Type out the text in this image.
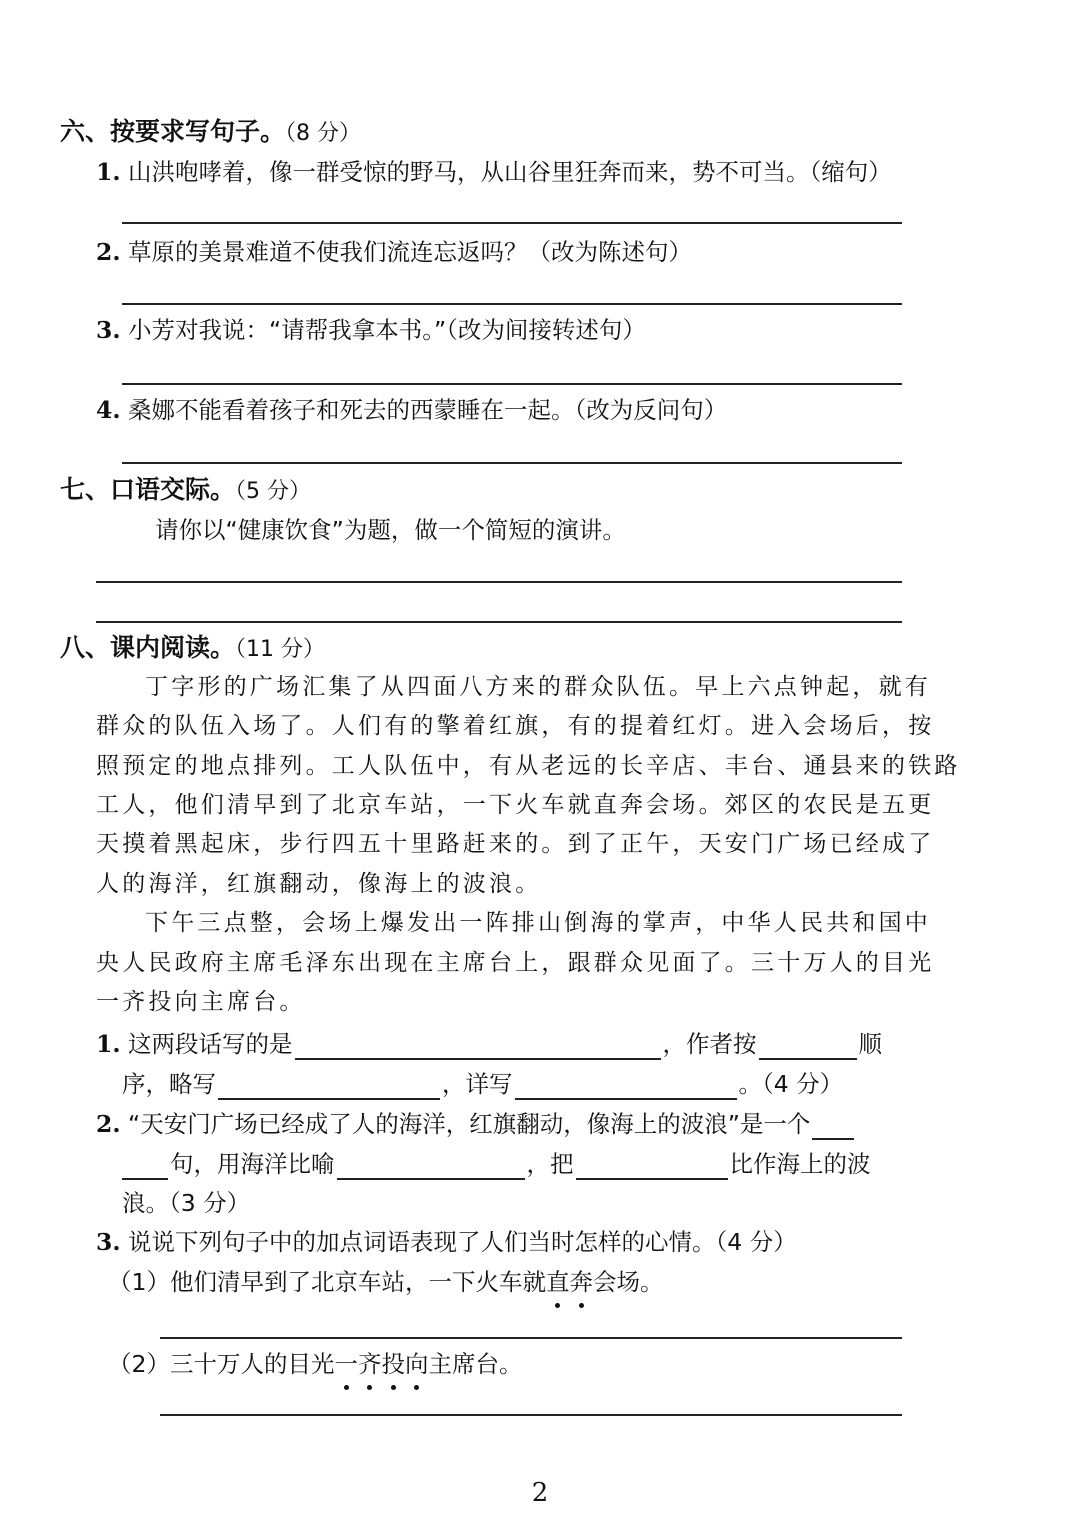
六、按要求写句子。（8 分）
1. 山洪咆哮着，像一群受惊的野马，从山谷里狂奔而来，势不可当。（缩句）
2. 草原的美景难道不使我们流连忘返吗？（改为陈述句）
3. 小芳对我说：“请帮我拿本书。”（改为间接转述句）
4. 桑娜不能看着孩子和死去的西蒙睡在一起。（改为反问句）
七、口语交际。（5 分）
请你以“健康饮食”为题，做一个简短的演讲。
八、课内阅读。（11 分）
丁字形的广场汇集了从四面八方来的群众队伍。早上六点钟起，就有
群众的队伍入场了。人们有的擎着红旗，有的提着红灯。进入会场后，按
照预定的地点排列。工人队伍中，有从老远的长辛店、丰台、通县来的铁路
工人，他们清早到了北京车站，一下火车就直奔会场。郊区的农民是五更
天摸着黑起床，步行四五十里路赶来的。到了正午，天安门广场已经成了
人的海洋，红旗翻动，像海上的波浪。
下午三点整，会场上爆发出一阵排山倒海的掌声，中华人民共和国中
央人民政府主席毛泽东出现在主席台上，跟群众见面了。三十万人的目光
一齐投向主席台。
1. 这两段话写的是	，作者按	顺
序，略写	，详写	。（4 分）
2. “天安门广场已经成了人的海洋，红旗翻动，像海上的波浪”是一个
句，用海洋比喻	，把	比作海上的波
浪。（3 分）
3. 说说下列句子中的加点词语表现了人们当时怎样的心情。（4 分）
（1）他们清早到了北京车站，一下火车就直奔会场。
（2）三十万人的目光一齐投向主席台。
2
